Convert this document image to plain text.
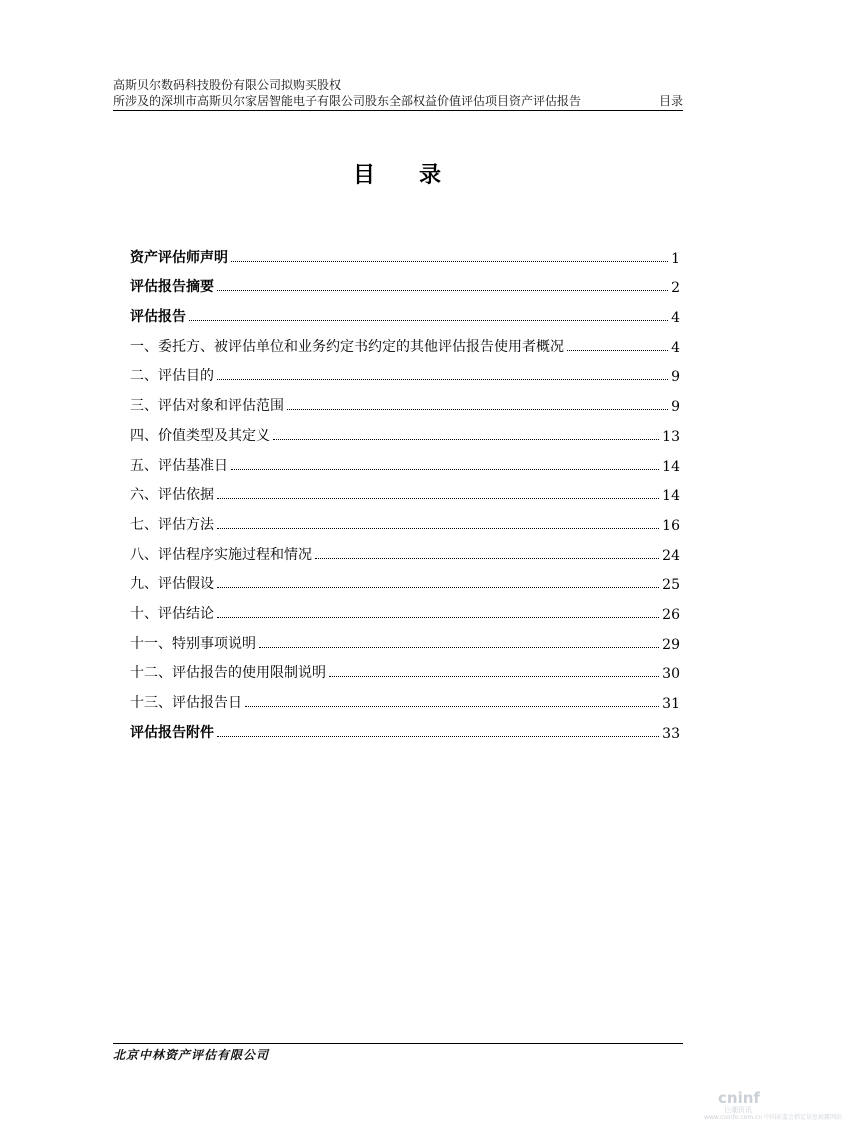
高斯贝尔数码科技股份有限公司拟购买股权
所涉及的深圳市高斯贝尔家居智能电子有限公司股东全部权益价值评估项目资产评估报告	目录
目 录
资产评估师声明	1
评估报告摘要	2
评估报告	4
一、委托方、被评估单位和业务约定书约定的其他评估报告使用者概况	4
二、评估目的	9
三、评估对象和评估范围	9
四、价值类型及其定义	13
五、评估基准日	14
六、评估依据	14
七、评估方法	16
八、评估程序实施过程和情况	24
九、评估假设	25
十、评估结论	26
十一、特别事项说明	29
十二、评估报告的使用限制说明	30
十三、评估报告日	31
评估报告附件	33
北京中林资产评估有限公司
cninf
巨潮资讯
www.cninfo.com.cn 中国证监会指定信息披露网站
